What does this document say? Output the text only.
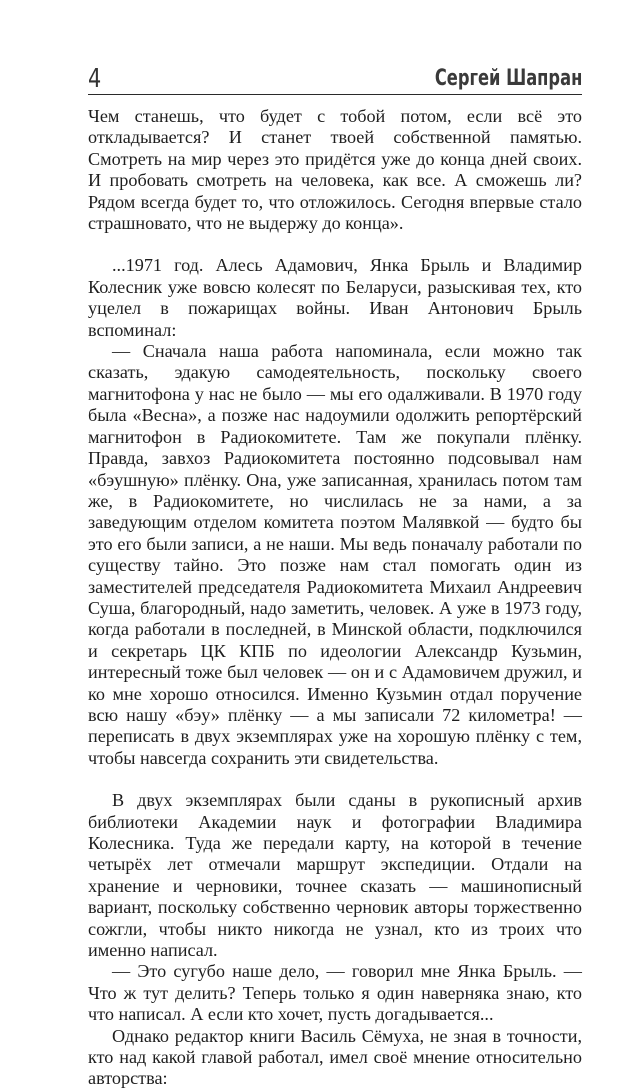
4	Сергей Шапран

Чем станешь, что будет с тобой потом, если всё это откладывается? И станет твоей собственной памятью. Смотреть на мир через это придётся уже до конца дней своих. И пробовать смотреть на человека, как все. А сможешь ли? Рядом всегда будет то, что отложилось. Сегодня впервые стало страшновато, что не выдержу до конца».

...1971 год. Алесь Адамович, Янка Брыль и Владимир Колесник уже вовсю колесят по Беларуси, разыскивая тех, кто уцелел в пожарищах войны. Иван Антонович Брыль вспоминал:

— Сначала наша работа напоминала, если можно так сказать, эдакую самодеятельность, поскольку своего магнитофона у нас не было — мы его одалживали. В 1970 году была «Весна», а позже нас надоумили одолжить репортёрский магнитофон в Радиокомитете. Там же покупали плёнку. Правда, завхоз Радиокомитета постоянно подсовывал нам «бэушную» плёнку. Она, уже записанная, хранилась потом там же, в Радиокомитете, но числилась не за нами, а за заведующим отделом комитета поэтом Малявкой — будто бы это его были записи, а не наши. Мы ведь поначалу работали по существу тайно. Это позже нам стал помогать один из заместителей председателя Радиокомитета Михаил Андреевич Суша, благородный, надо заметить, человек. А уже в 1973 году, когда работали в последней, в Минской области, подключился и секретарь ЦК КПБ по идеологии Александр Кузьмин, интересный тоже был человек — он и с Адамовичем дружил, и ко мне хорошо относился. Именно Кузьмин отдал поручение всю нашу «бэу» плёнку — а мы записали 72 километра! — переписать в двух экземплярах уже на хорошую плёнку с тем, чтобы навсегда сохранить эти свидетельства.

В двух экземплярах были сданы в рукописный архив библиотеки Академии наук и фотографии Владимира Колесника. Туда же передали карту, на которой в течение четырёх лет отмечали маршрут экспедиции. Отдали на хранение и черновики, точнее сказать — машинописный вариант, поскольку собственно черновик авторы торжественно сожгли, чтобы никто никогда не узнал, кто из троих что именно написал.

— Это сугубо наше дело, — говорил мне Янка Брыль. — Что ж тут делить? Теперь только я один наверняка знаю, кто что написал. А если кто хочет, пусть догадывается...

Однако редактор книги Василь Сёмуха, не зная в точности, кто над какой главой работал, имел своё мнение относительно авторства:
